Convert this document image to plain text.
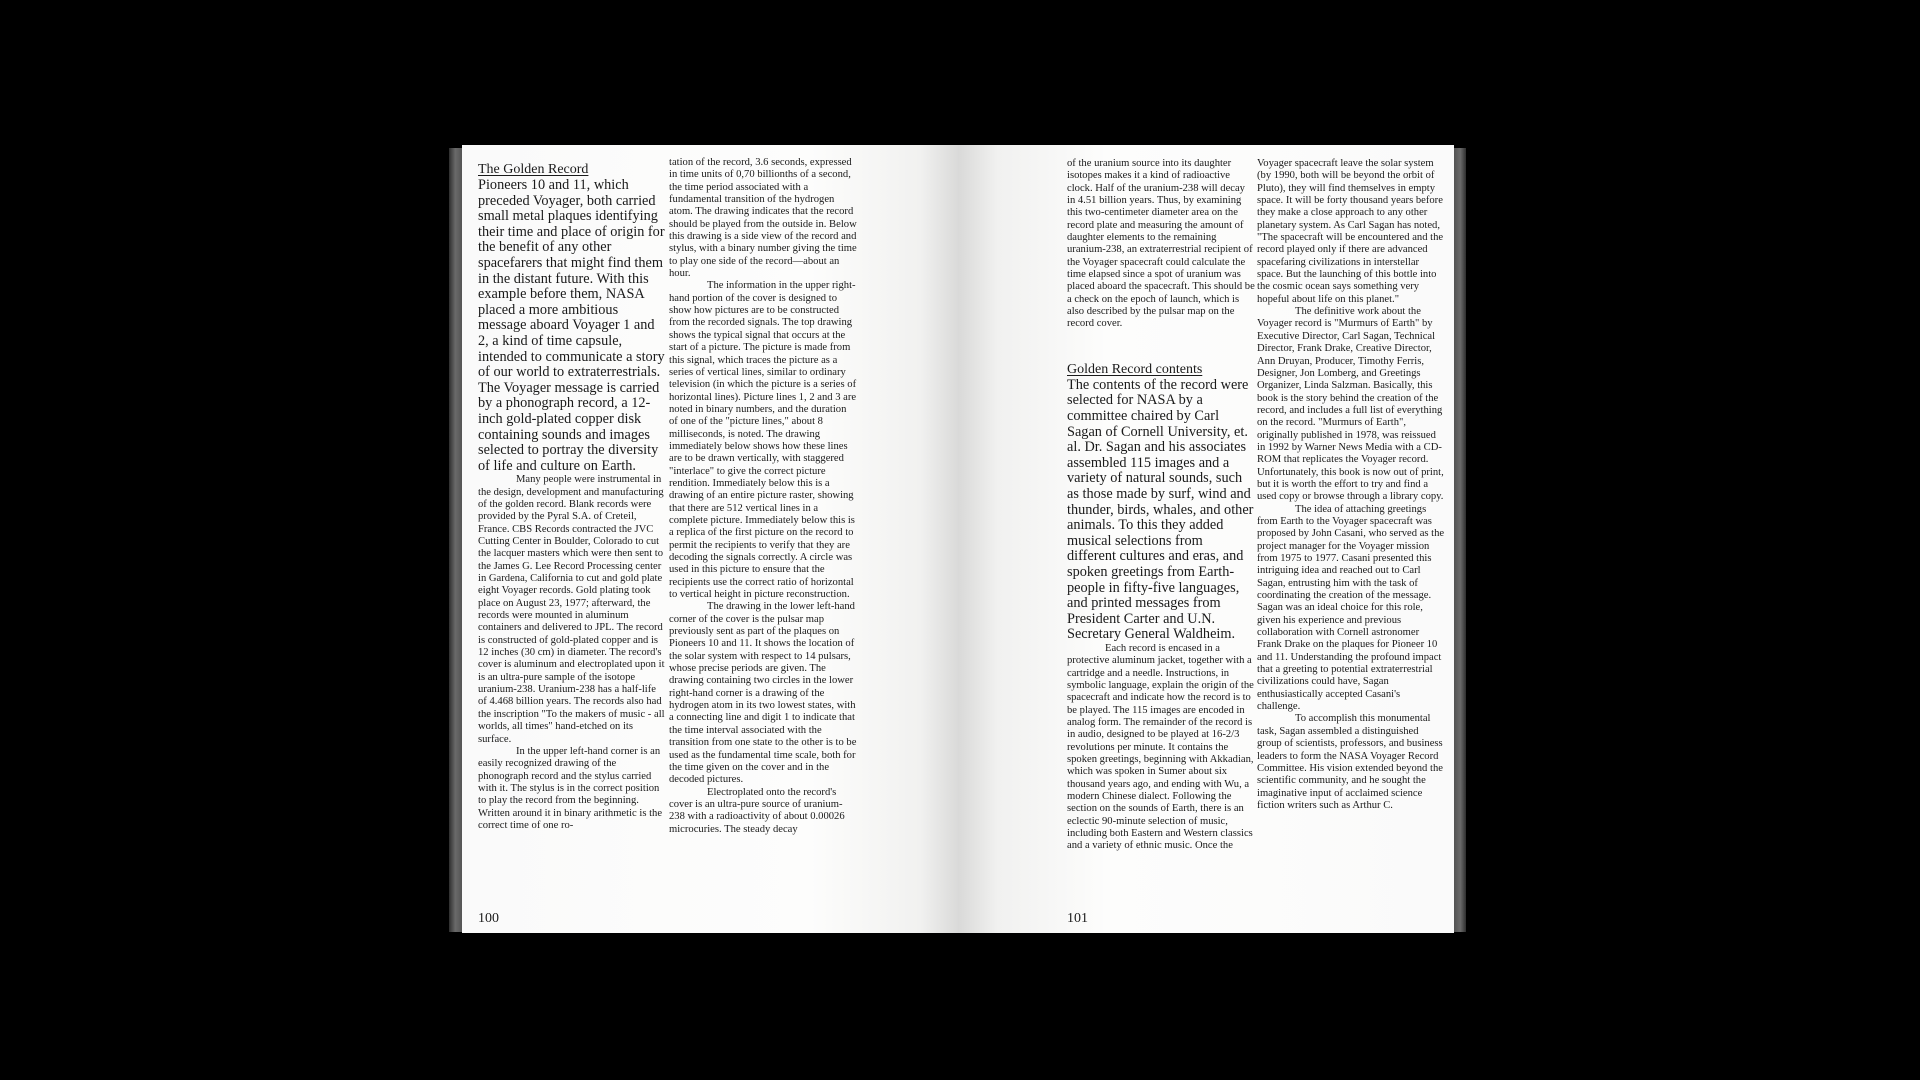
The Golden Record

Pioneers 10 and 11, which preceded Voyager, both carried small metal plaques identifying their time and place of origin for the benefit of any other spacefarers that might find them in the distant future. With this example before them, NASA placed a more ambitious message aboard Voyager 1 and 2, a kind of time capsule, intended to communicate a story of our world to extraterrestrials. The Voyager message is carried by a phonograph record, a 12-inch gold-plated copper disk containing sounds and images selected to portray the diversity of life and culture on Earth.

Many people were instrumental in the design, development and manufacturing of the golden record. Blank records were provided by the Pyral S.A. of Creteil, France. CBS Records contracted the JVC Cutting Center in Boulder, Colorado to cut the lacquer masters which were then sent to the James G. Lee Record Processing center in Gardena, California to cut and gold plate eight Voyager records. Gold plating took place on August 23, 1977; afterward, the records were mounted in aluminum containers and delivered to JPL. The record is constructed of gold-plated copper and is 12 inches (30 cm) in diameter. The record's cover is aluminum and electroplated upon it is an ultra-pure sample of the isotope uranium-238. Uranium-238 has a half-life of 4.468 billion years. The records also had the inscription "To the makers of music - all worlds, all times" hand-etched on its surface.

In the upper left-hand corner is an easily recognized drawing of the phonograph record and the stylus carried with it. The stylus is in the correct position to play the record from the beginning. Written around it in binary arithmetic is the correct time of one ro-

tation of the record, 3.6 seconds, expressed in time units of 0,70 billionths of a second, the time period associated with a fundamental transition of the hydrogen atom. The drawing indicates that the record should be played from the outside in. Below this drawing is a side view of the record and stylus, with a binary number giving the time to play one side of the record—about an hour.

The information in the upper right-hand portion of the cover is designed to show how pictures are to be constructed from the recorded signals. The top drawing shows the typical signal that occurs at the start of a picture. The picture is made from this signal, which traces the picture as a series of vertical lines, similar to ordinary television (in which the picture is a series of horizontal lines). Picture lines 1, 2 and 3 are noted in binary numbers, and the duration of one of the "picture lines," about 8 milliseconds, is noted. The drawing immediately below shows how these lines are to be drawn vertically, with staggered "interlace" to give the correct picture rendition. Immediately below this is a drawing of an entire picture raster, showing that there are 512 vertical lines in a complete picture. Immediately below this is a replica of the first picture on the record to permit the recipients to verify that they are decoding the signals correctly. A circle was used in this picture to ensure that the recipients use the correct ratio of horizontal to vertical height in picture reconstruction.

The drawing in the lower left-hand corner of the cover is the pulsar map previously sent as part of the plaques on Pioneers 10 and 11. It shows the location of the solar system with respect to 14 pulsars, whose precise periods are given. The drawing containing two circles in the lower right-hand corner is a drawing of the hydrogen atom in its two lowest states, with a connecting line and digit 1 to indicate that the time interval associated with the transition from one state to the other is to be used as the fundamental time scale, both for the time given on the cover and in the decoded pictures.

Electroplated onto the record's cover is an ultra-pure source of uranium-238 with a radioactivity of about 0.00026 microcuries. The steady decay

100

of the uranium source into its daughter isotopes makes it a kind of radioactive clock. Half of the uranium-238 will decay in 4.51 billion years. Thus, by examining this two-centimeter diameter area on the record plate and measuring the amount of daughter elements to the remaining uranium-238, an extraterrestrial recipient of the Voyager spacecraft could calculate the time elapsed since a spot of uranium was placed aboard the spacecraft. This should be a check on the epoch of launch, which is also described by the pulsar map on the record cover.

Golden Record contents

The contents of the record were selected for NASA by a committee chaired by Carl Sagan of Cornell University, et. al. Dr. Sagan and his associates assembled 115 images and a variety of natural sounds, such as those made by surf, wind and thunder, birds, whales, and other animals. To this they added musical selections from different cultures and eras, and spoken greetings from Earth-people in fifty-five languages, and printed messages from President Carter and U.N. Secretary General Waldheim.

Each record is encased in a protective aluminum jacket, together with a cartridge and a needle. Instructions, in symbolic language, explain the origin of the spacecraft and indicate how the record is to be played. The 115 images are encoded in analog form. The remainder of the record is in audio, designed to be played at 16-2/3 revolutions per minute. It contains the spoken greetings, beginning with Akkadian, which was spoken in Sumer about six thousand years ago, and ending with Wu, a modern Chinese dialect. Following the section on the sounds of Earth, there is an eclectic 90-minute selection of music, including both Eastern and Western classics and a variety of ethnic music. Once the

Voyager spacecraft leave the solar system (by 1990, both will be beyond the orbit of Pluto), they will find themselves in empty space. It will be forty thousand years before they make a close approach to any other planetary system. As Carl Sagan has noted, "The spacecraft will be encountered and the record played only if there are advanced spacefaring civilizations in interstellar space. But the launching of this bottle into the cosmic ocean says something very hopeful about life on this planet."

The definitive work about the Voyager record is "Murmurs of Earth" by Executive Director, Carl Sagan, Technical Director, Frank Drake, Creative Director, Ann Druyan, Producer, Timothy Ferris, Designer, Jon Lomberg, and Greetings Organizer, Linda Salzman. Basically, this book is the story behind the creation of the record, and includes a full list of everything on the record. "Murmurs of Earth", originally published in 1978, was reissued in 1992 by Warner News Media with a CD-ROM that replicates the Voyager record. Unfortunately, this book is now out of print, but it is worth the effort to try and find a used copy or browse through a library copy.

The idea of attaching greetings from Earth to the Voyager spacecraft was proposed by John Casani, who served as the project manager for the Voyager mission from 1975 to 1977. Casani presented this intriguing idea and reached out to Carl Sagan, entrusting him with the task of coordinating the creation of the message. Sagan was an ideal choice for this role, given his experience and previous collaboration with Cornell astronomer Frank Drake on the plaques for Pioneer 10 and 11. Understanding the profound impact that a greeting to potential extraterrestrial civilizations could have, Sagan enthusiastically accepted Casani's challenge.

To accomplish this monumental task, Sagan assembled a distinguished group of scientists, professors, and business leaders to form the NASA Voyager Record Committee. His vision extended beyond the scientific community, and he sought the imaginative input of acclaimed science fiction writers such as Arthur C.

101
